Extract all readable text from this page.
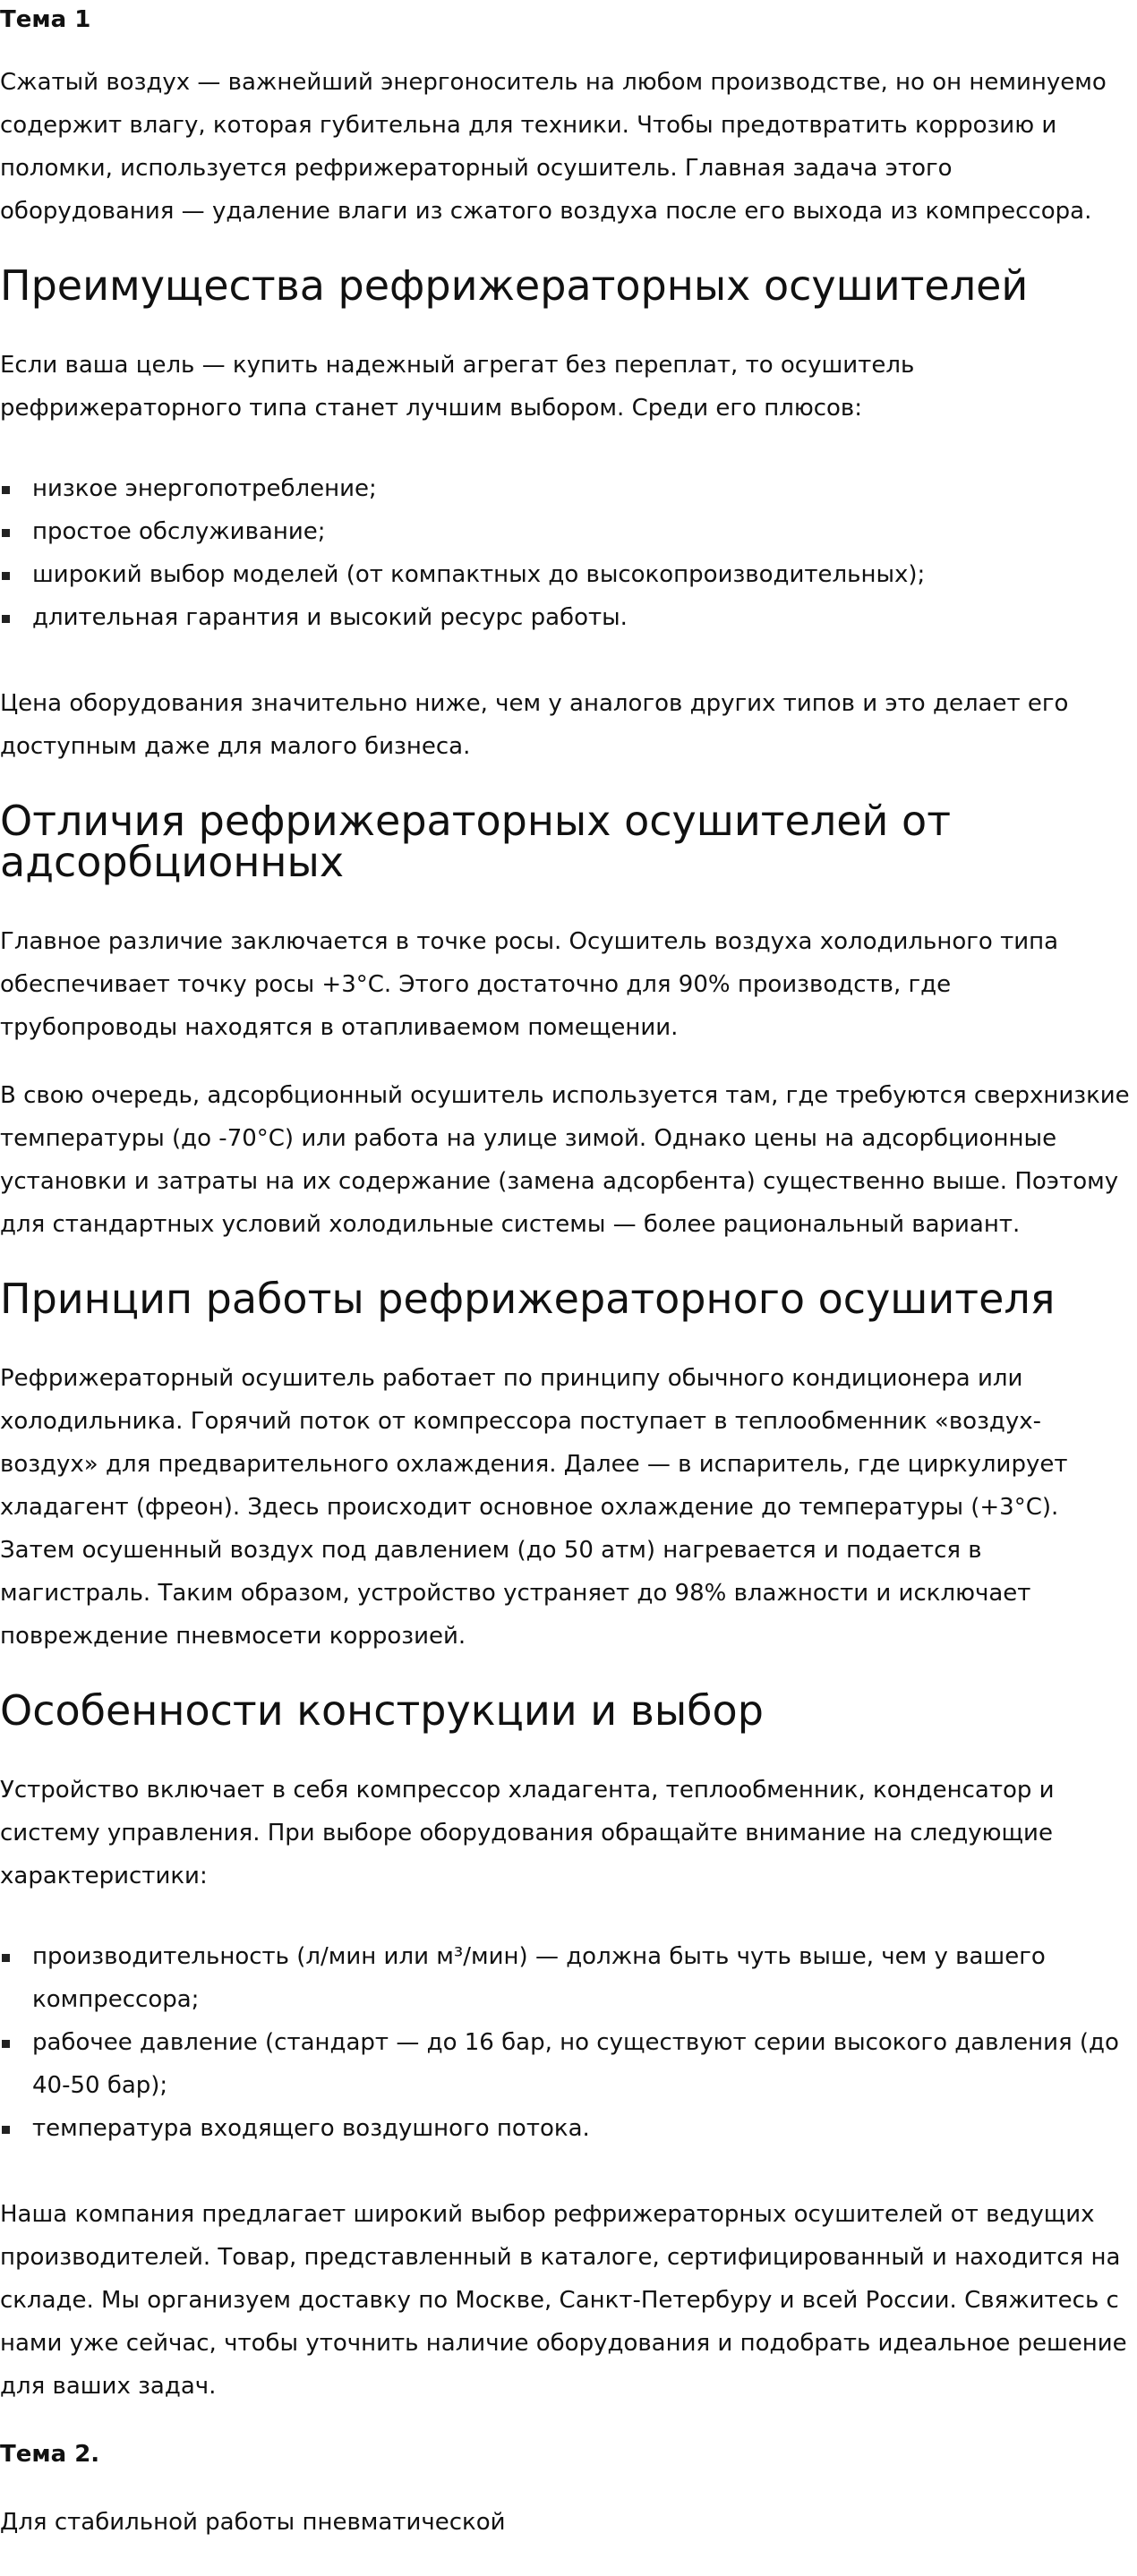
Тема 1

Сжатый воздух — важнейший энергоноситель на любом производстве, но он неминуемо содержит влагу, которая губительна для техники. Чтобы предотвратить коррозию и поломки, используется рефрижераторный осушитель. Главная задача этого оборудования — удаление влаги из сжатого воздуха после его выхода из компрессора.

Преимущества рефрижераторных осушителей

Если ваша цель — купить надежный агрегат без переплат, то осушитель рефрижераторного типа станет лучшим выбором. Среди его плюсов:

низкое энергопотребление;
простое обслуживание;
широкий выбор моделей (от компактных до высокопроизводительных);
длительная гарантия и высокий ресурс работы.

Цена оборудования значительно ниже, чем у аналогов других типов и это делает его доступным даже для малого бизнеса.

Отличия рефрижераторных осушителей от адсорбционных

Главное различие заключается в точке росы. Осушитель воздуха холодильного типа обеспечивает точку росы +3°C. Этого достаточно для 90% производств, где трубопроводы находятся в отапливаемом помещении.

В свою очередь, адсорбционный осушитель используется там, где требуются сверхнизкие температуры (до -70°C) или работа на улице зимой. Однако цены на адсорбционные установки и затраты на их содержание (замена адсорбента) существенно выше. Поэтому для стандартных условий холодильные системы — более рациональный вариант.

Принцип работы рефрижераторного осушителя

Рефрижераторный осушитель работает по принципу обычного кондиционера или холодильника. Горячий поток от компрессора поступает в теплообменник «воздух-воздух» для предварительного охлаждения. Далее — в испаритель, где циркулирует хладагент (фреон). Здесь происходит основное охлаждение до температуры (+3°C). Затем осушенный воздух под давлением (до 50 атм) нагревается и подается в магистраль. Таким образом, устройство устраняет до 98% влажности и исключает повреждение пневмосети коррозией.

Особенности конструкции и выбор

Устройство включает в себя компрессор хладагента, теплообменник, конденсатор и систему управления. При выборе оборудования обращайте внимание на следующие характеристики:

производительность (л/мин или м³/мин) — должна быть чуть выше, чем у вашего компрессора;
рабочее давление (стандарт — до 16 бар, но существуют серии высокого давления (до 40-50 бар);
температура входящего воздушного потока.

Наша компания предлагает широкий выбор рефрижераторных осушителей от ведущих производителей. Товар, представленный в каталоге, сертифицированный и находится на складе. Мы организуем доставку по Москве, Санкт-Петербуру и всей России. Свяжитесь с нами уже сейчас, чтобы уточнить наличие оборудования и подобрать идеальное решение для ваших задач.

Тема 2.

Для стабильной работы пневматической
